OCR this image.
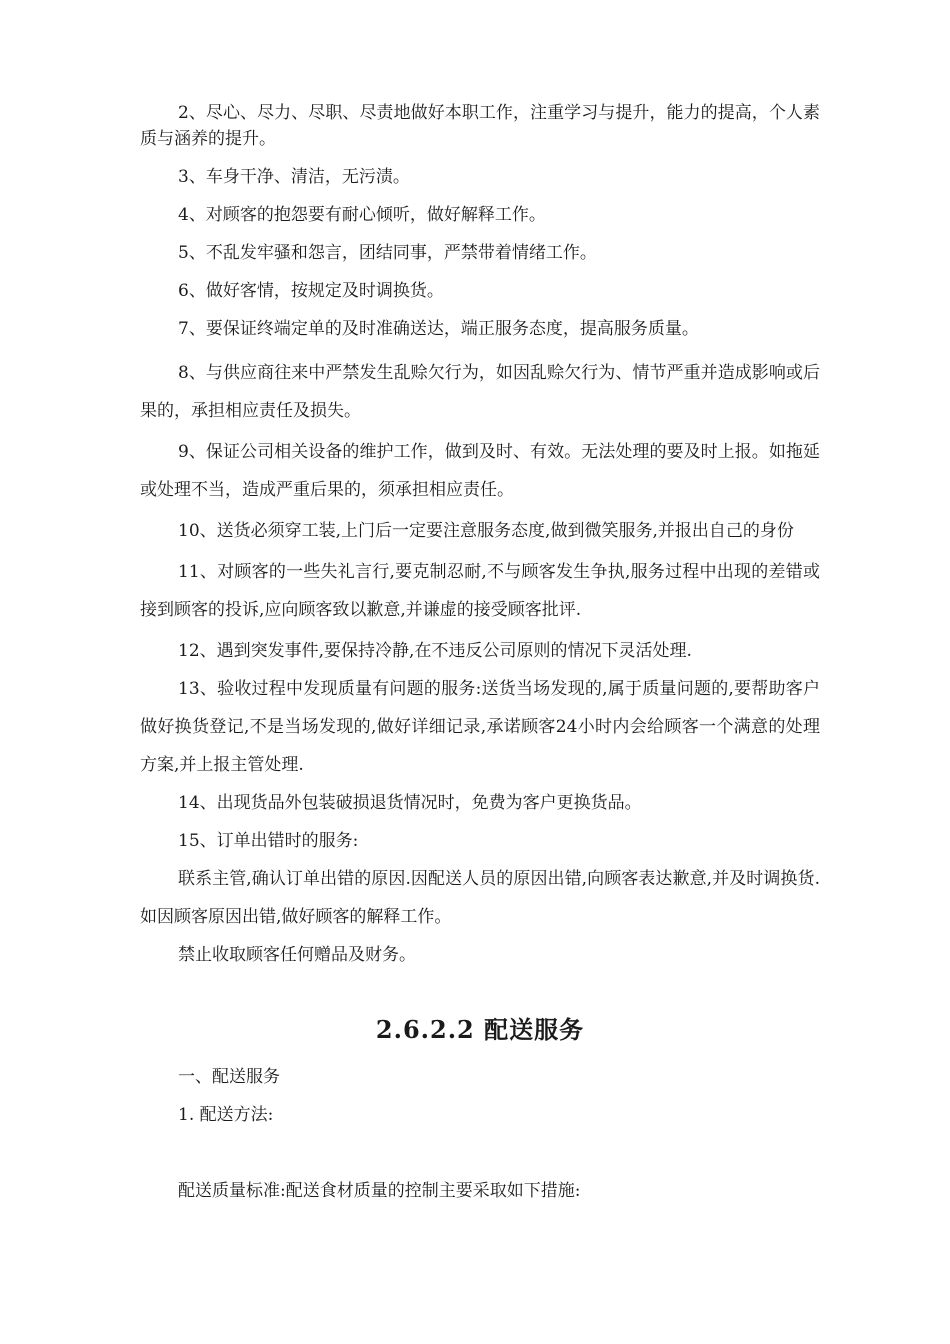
2、尽心、尽力、尽职、尽责地做好本职工作，注重学习与提升，能力的提高，个人素质与涵养的提升。

3、车身干净、清洁，无污渍。

4、对顾客的抱怨要有耐心倾听，做好解释工作。

5、不乱发牢骚和怨言，团结同事，严禁带着情绪工作。

6、做好客情，按规定及时调换货。

7、要保证终端定单的及时准确送达，端正服务态度，提高服务质量。

8、与供应商往来中严禁发生乱赊欠行为，如因乱赊欠行为、情节严重并造成影响或后果的，承担相应责任及损失。

9、保证公司相关设备的维护工作，做到及时、有效。无法处理的要及时上报。如拖延或处理不当，造成严重后果的，须承担相应责任。

10、送货必须穿工装,上门后一定要注意服务态度,做到微笑服务,并报出自己的身份

11、对顾客的一些失礼言行,要克制忍耐,不与顾客发生争执,服务过程中出现的差错或接到顾客的投诉,应向顾客致以歉意,并谦虚的接受顾客批评.

12、遇到突发事件,要保持冷静,在不违反公司原则的情况下灵活处理.

13、验收过程中发现质量有问题的服务:送货当场发现的,属于质量问题的,要帮助客户做好换货登记,不是当场发现的,做好详细记录,承诺顾客24小时内会给顾客一个满意的处理方案,并上报主管处理.

14、出现货品外包装破损退货情况时，免费为客户更换货品。

15、订单出错时的服务:

联系主管,确认订单出错的原因.因配送人员的原因出错,向顾客表达歉意,并及时调换货.如因顾客原因出错,做好顾客的解释工作。

禁止收取顾客任何赠品及财务。

2.6.2.2 配送服务

一、配送服务

1. 配送方法:

配送质量标准:配送食材质量的控制主要采取如下措施:
